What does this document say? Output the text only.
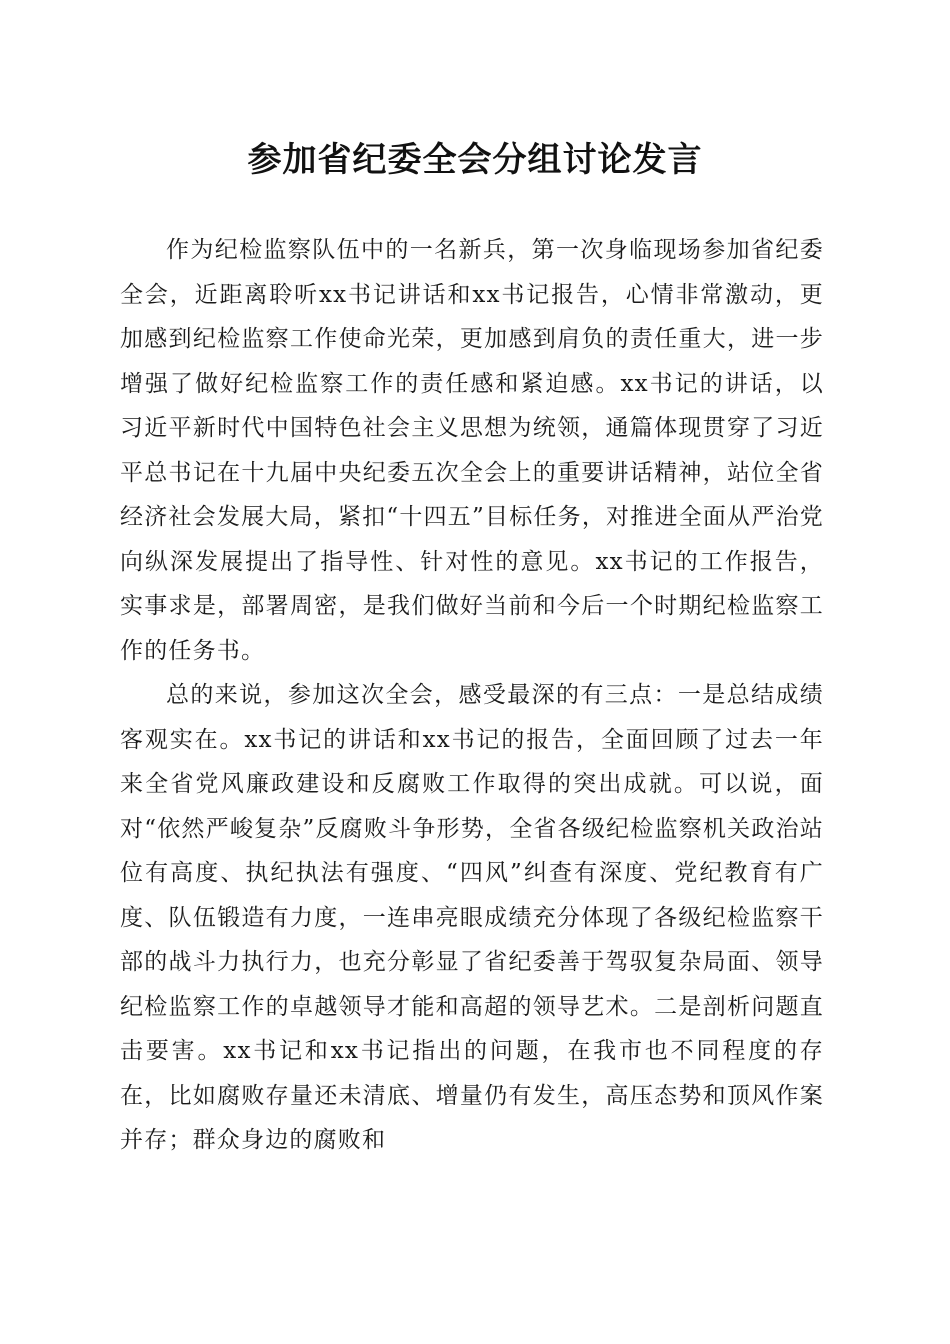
参加省纪委全会分组讨论发言

作为纪检监察队伍中的一名新兵，第一次身临现场参加省纪委全会，近距离聆听xx书记讲话和xx书记报告，心情非常激动，更加感到纪检监察工作使命光荣，更加感到肩负的责任重大，进一步增强了做好纪检监察工作的责任感和紧迫感。xx书记的讲话，以习近平新时代中国特色社会主义思想为统领，通篇体现贯穿了习近平总书记在十九届中央纪委五次全会上的重要讲话精神，站位全省经济社会发展大局，紧扣“十四五”目标任务，对推进全面从严治党向纵深发展提出了指导性、针对性的意见。xx书记的工作报告，实事求是，部署周密，是我们做好当前和今后一个时期纪检监察工作的任务书。

总的来说，参加这次全会，感受最深的有三点：一是总结成绩客观实在。xx书记的讲话和xx书记的报告，全面回顾了过去一年来全省党风廉政建设和反腐败工作取得的突出成就。可以说，面对“依然严峻复杂”反腐败斗争形势，全省各级纪检监察机关政治站位有高度、执纪执法有强度、“四风”纠查有深度、党纪教育有广度、队伍锻造有力度，一连串亮眼成绩充分体现了各级纪检监察干部的战斗力执行力，也充分彰显了省纪委善于驾驭复杂局面、领导纪检监察工作的卓越领导才能和高超的领导艺术。二是剖析问题直击要害。xx书记和xx书记指出的问题，在我市也不同程度的存在，比如腐败存量还未清底、增量仍有发生，高压态势和顶风作案并存；群众身边的腐败和
